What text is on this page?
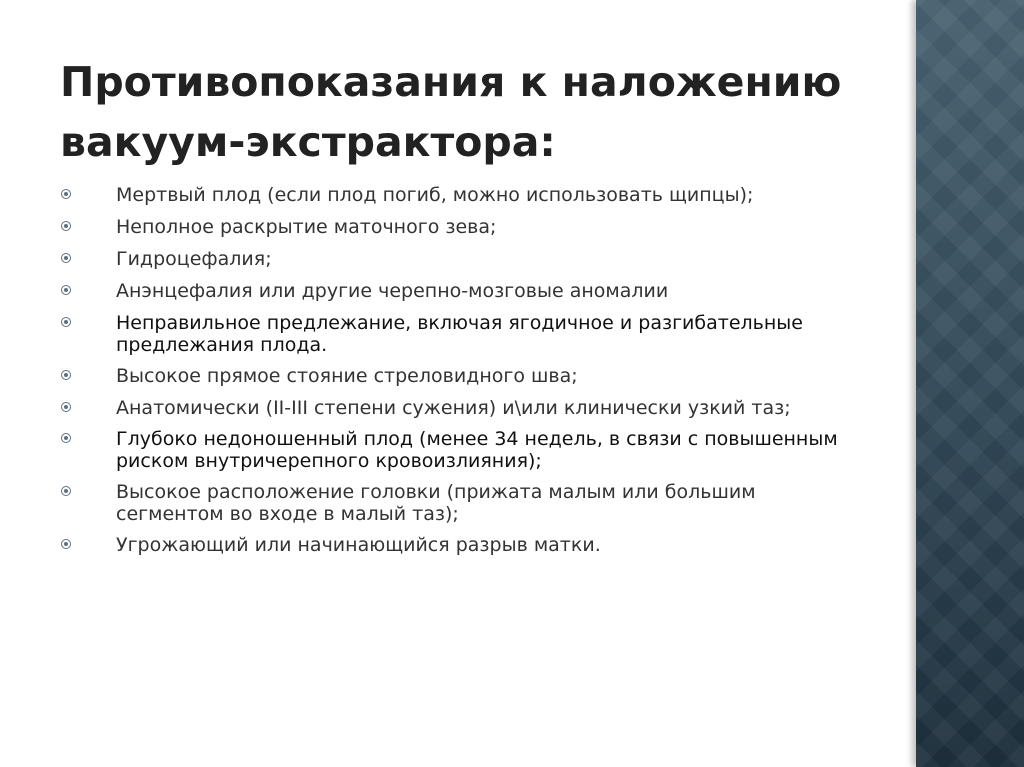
Противопоказания к наложению вакуум-экстрактора:
Мертвый плод (если плод погиб, можно использовать щипцы);
Неполное раскрытие маточного зева;
Гидроцефалия;
Анэнцефалия или другие черепно-мозговые аномалии
Неправильное предлежание, включая ягодичное и разгибательные предлежания плода.
Высокое прямое стояние стреловидного шва;
Анатомически (II-III степени сужения) и\или клинически узкий таз;
Глубоко недоношенный плод (менее 34 недель, в связи с повышенным риском внутричерепного кровоизлияния);
Высокое расположение головки (прижата малым или большим сегментом во входе в малый таз);
Угрожающий или начинающийся разрыв матки.
